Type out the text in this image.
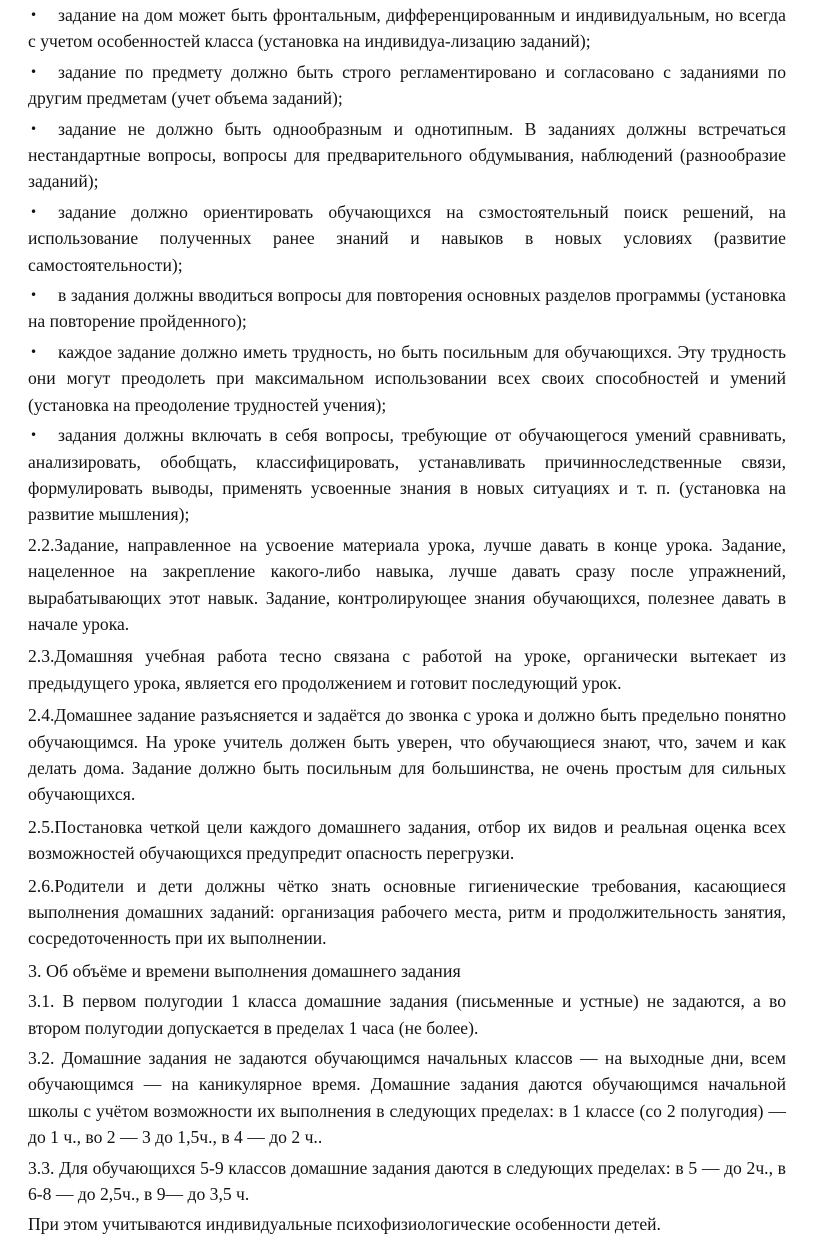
• задание на дом может быть фронтальным, дифференцированным и индивидуальным, но всегда с учетом особенностей класса (установка на индивидуа-лизацию заданий);

• задание по предмету должно быть строго регламентировано и согласовано с заданиями по другим предметам (учет объема заданий);

• задание не должно быть однообразным и однотипным. В заданиях должны встречаться нестандартные вопросы, вопросы для предварительного обдумывания, наблюдений (разнообразие заданий);

• задание должно ориентировать обучающихся на сзмостоятельный поиск решений, на использование полученных ранее знаний и навыков в новых условиях (развитие самостоятельности);

• в задания должны вводиться вопросы для повторения основных разделов программы (установка на повторение пройденного);

• каждое задание должно иметь трудность, но быть посильным для обучающихся. Эту трудность они могут преодолеть при максимальном использовании всех своих способностей и умений (установка на преодоление трудностей учения);

• задания должны включать в себя вопросы, требующие от обучающегося умений сравнивать, анализировать, обобщать, классифицировать, устанавливать причинноследственные связи, формулировать выводы, применять усвоенные знания в новых ситуациях и т. п. (установка на развитие мышления);

2.2.Задание, направленное на усвоение материала урока, лучше давать в конце урока. Задание, нацеленное на закрепление какого-либо навыка, лучше давать сразу после упражнений, вырабатывающих этот навык. Задание, контролирующее знания обучающихся, полезнее давать в начале урока.

2.3.Домашняя учебная работа тесно связана с работой на уроке, органически вытекает из предыдущего урока, является его продолжением и готовит последующий урок.

2.4.Домашнее задание разъясняется и задаётся до звонка с урока и должно быть предельно понятно обучающимся. На уроке учитель должен быть уверен, что обучающиеся знают, что, зачем и как делать дома. Задание должно быть посильным для большинства, не очень простым для сильных обучающихся.

2.5.Постановка четкой цели каждого домашнего задания, отбор их видов и реальная оценка всех возможностей обучающихся предупредит опасность перегрузки.

2.6.Родители и дети должны чётко знать основные гигиенические требования, касающиеся выполнения домашних заданий: организация рабочего места, ритм и продолжительность занятия, сосредоточенность при их выполнении.

3. Об объёме и времени выполнения домашнего задания

3.1. В первом полугодии 1 класса домашние задания (письменные и устные) не задаются, а во втором полугодии допускается в пределах 1 часа (не более).

3.2. Домашние задания не задаются обучающимся начальных классов — на выходные дни, всем обучающимся — на каникулярное время. Домашние задания даются обучающимся начальной школы с учётом возможности их выполнения в следующих пределах: в 1 классе (со 2 полугодия) — до 1 ч., во 2 — 3 до 1,5ч., в 4 — до 2 ч..

3.3. Для обучающихся 5-9 классов домашние задания даются в следующих пределах: в 5 — до 2ч., в 6-8 — до 2,5ч., в 9— до 3,5 ч.

При этом учитываются индивидуальные психофизиологические особенности детей.
